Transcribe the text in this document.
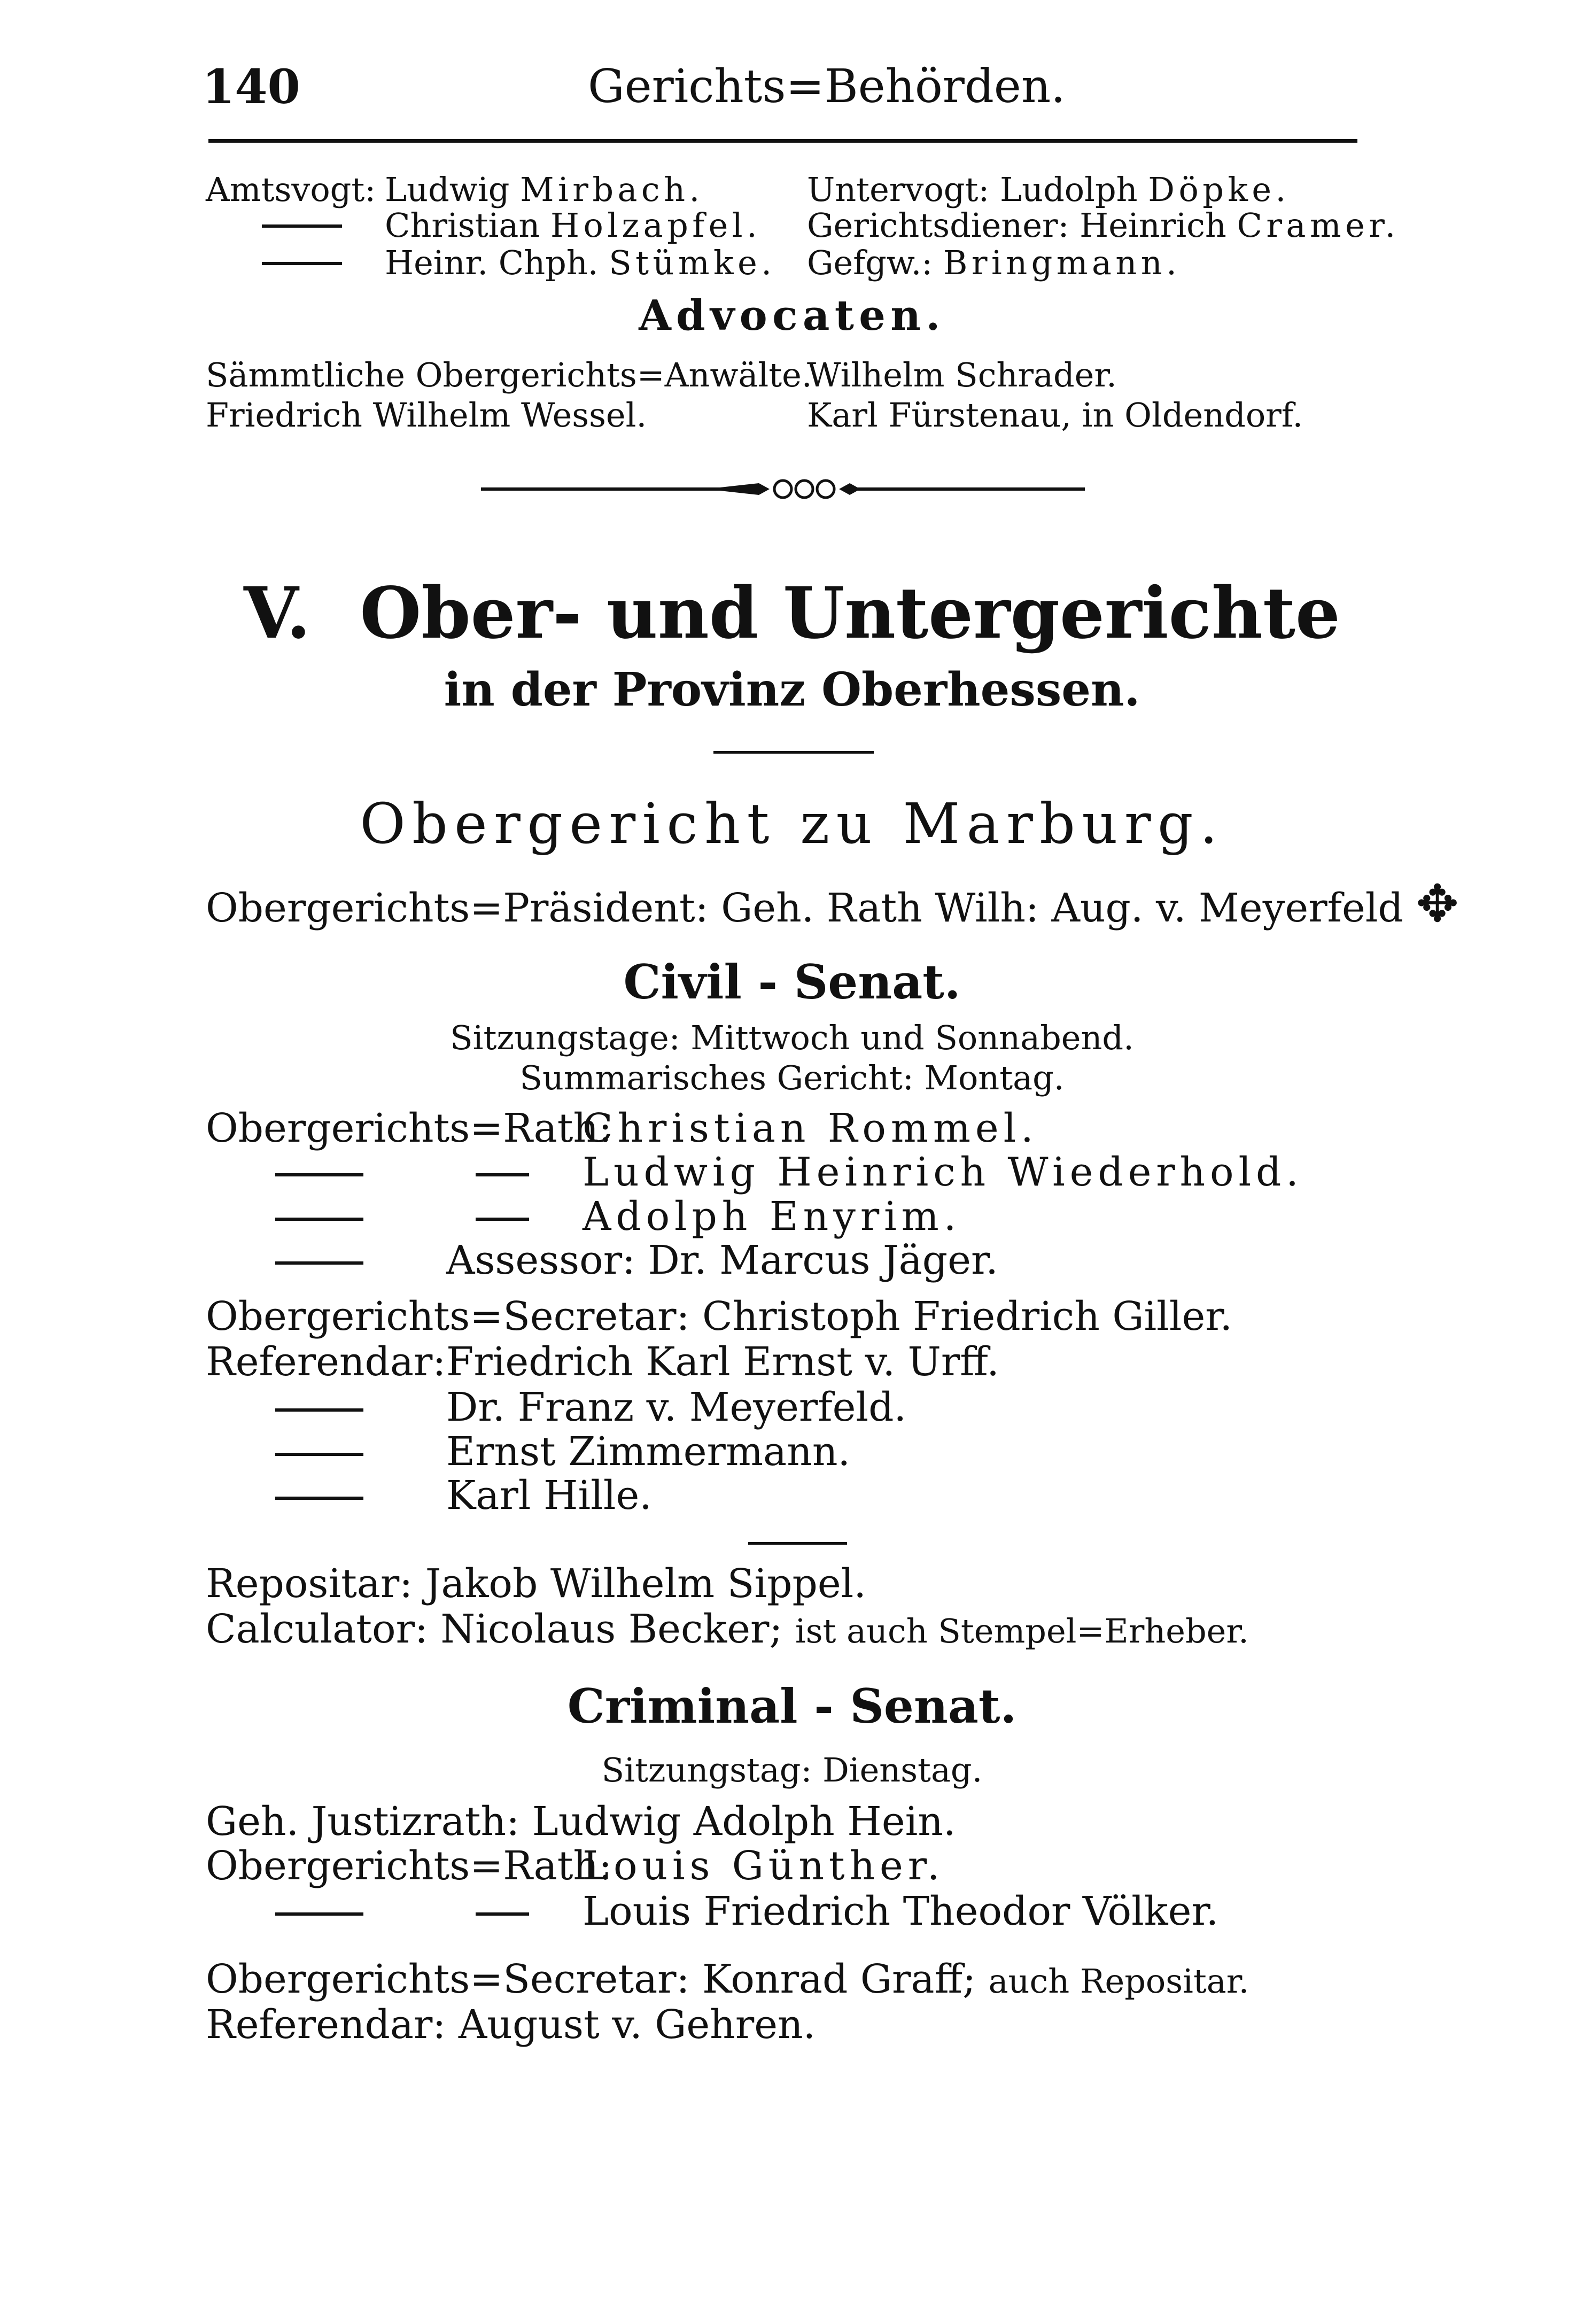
140	Gerichts=Behörden.
Amtsvogt: Ludwig Mirbach.
Christian Holzapfel.
Heinr. Chph. Stümke.
Untervogt: Ludolph Döpke.
Gerichtsdiener: Heinrich Cramer.
Gefgw.: Bringmann.
Advocaten.
Sämmtliche Obergerichts=Anwälte.
Friedrich Wilhelm Wessel.
Wilhelm Schrader.
Karl Fürstenau, in Oldendorf.
V. Ober- und Untergerichte
in der Provinz Oberhessen.
Obergericht zu Marburg.
Obergerichts=Präsident: Geh. Rath Wilh: Aug. v. Meyerfeld ✥
Civil - Senat.
Sitzungstage: Mittwoch und Sonnabend.
Summarisches Gericht: Montag.
Obergerichts=Rath:
Christian Rommel.
Ludwig Heinrich Wiederhold.
Adolph Enyrim.
Assessor: Dr. Marcus Jäger.
Obergerichts=Secretar: Christoph Friedrich Giller.
Referendar: Friedrich Karl Ernst v. Urff.
Dr. Franz v. Meyerfeld.
Ernst Zimmermann.
Karl Hille.
Repositar: Jakob Wilhelm Sippel.
Calculator: Nicolaus Becker; ist auch Stempel=Erheber.
Criminal - Senat.
Sitzungstag: Dienstag.
Geh. Justizrath: Ludwig Adolph Hein.
Obergerichts=Rath:
Louis Günther.
Louis Friedrich Theodor Völker.
Obergerichts=Secretar: Konrad Graff; auch Repositar.
Referendar: August v. Gehren.
